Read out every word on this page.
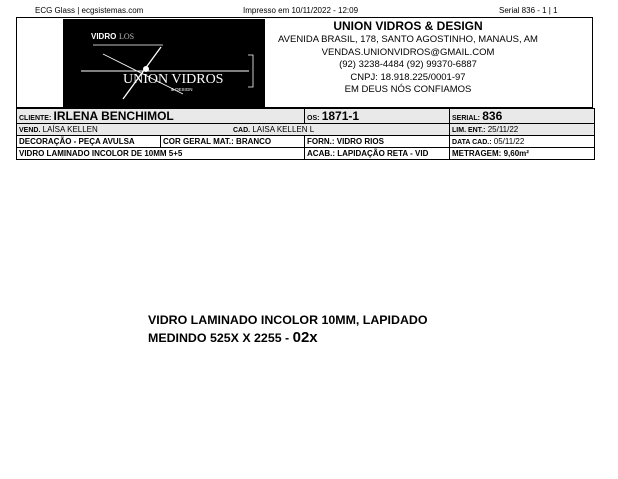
ECG Glass | ecgsistemas.com	Impresso em 10/11/2022 - 12:09	Serial 836 - 1 | 1
VIDRO LOS
UNION VIDROS
& DESIGN
UNION VIDROS & DESIGN
AVENIDA BRASIL, 178, SANTO AGOSTINHO, MANAUS, AM
VENDAS.UNIONVIDROS@GMAIL.COM
(92) 3238-4484 (92) 99370-6887
CNPJ: 18.918.225/0001-97
EM DEUS NÓS CONFIAMOS
CLIENTE: IRLENA BENCHIMOL		OS: 1871-1	SERIAL: 836
VEND. LAÍSA KELLEN CAD. LAISA KELLEN L			LIM. ENT.: 25/11/22
DECORAÇÃO - PEÇA AVULSA	COR GERAL MAT.: BRANCO	FORN.: VIDRO RIOS	DATA CAD.: 05/11/22
VIDRO LAMINADO INCOLOR DE 10MM 5+5		ACAB.: LAPIDAÇÃO RETA - VID	METRAGEM: 9,60m²
VIDRO LAMINADO INCOLOR 10MM, LAPIDADO
MEDINDO 525X X 2255 - 02x
